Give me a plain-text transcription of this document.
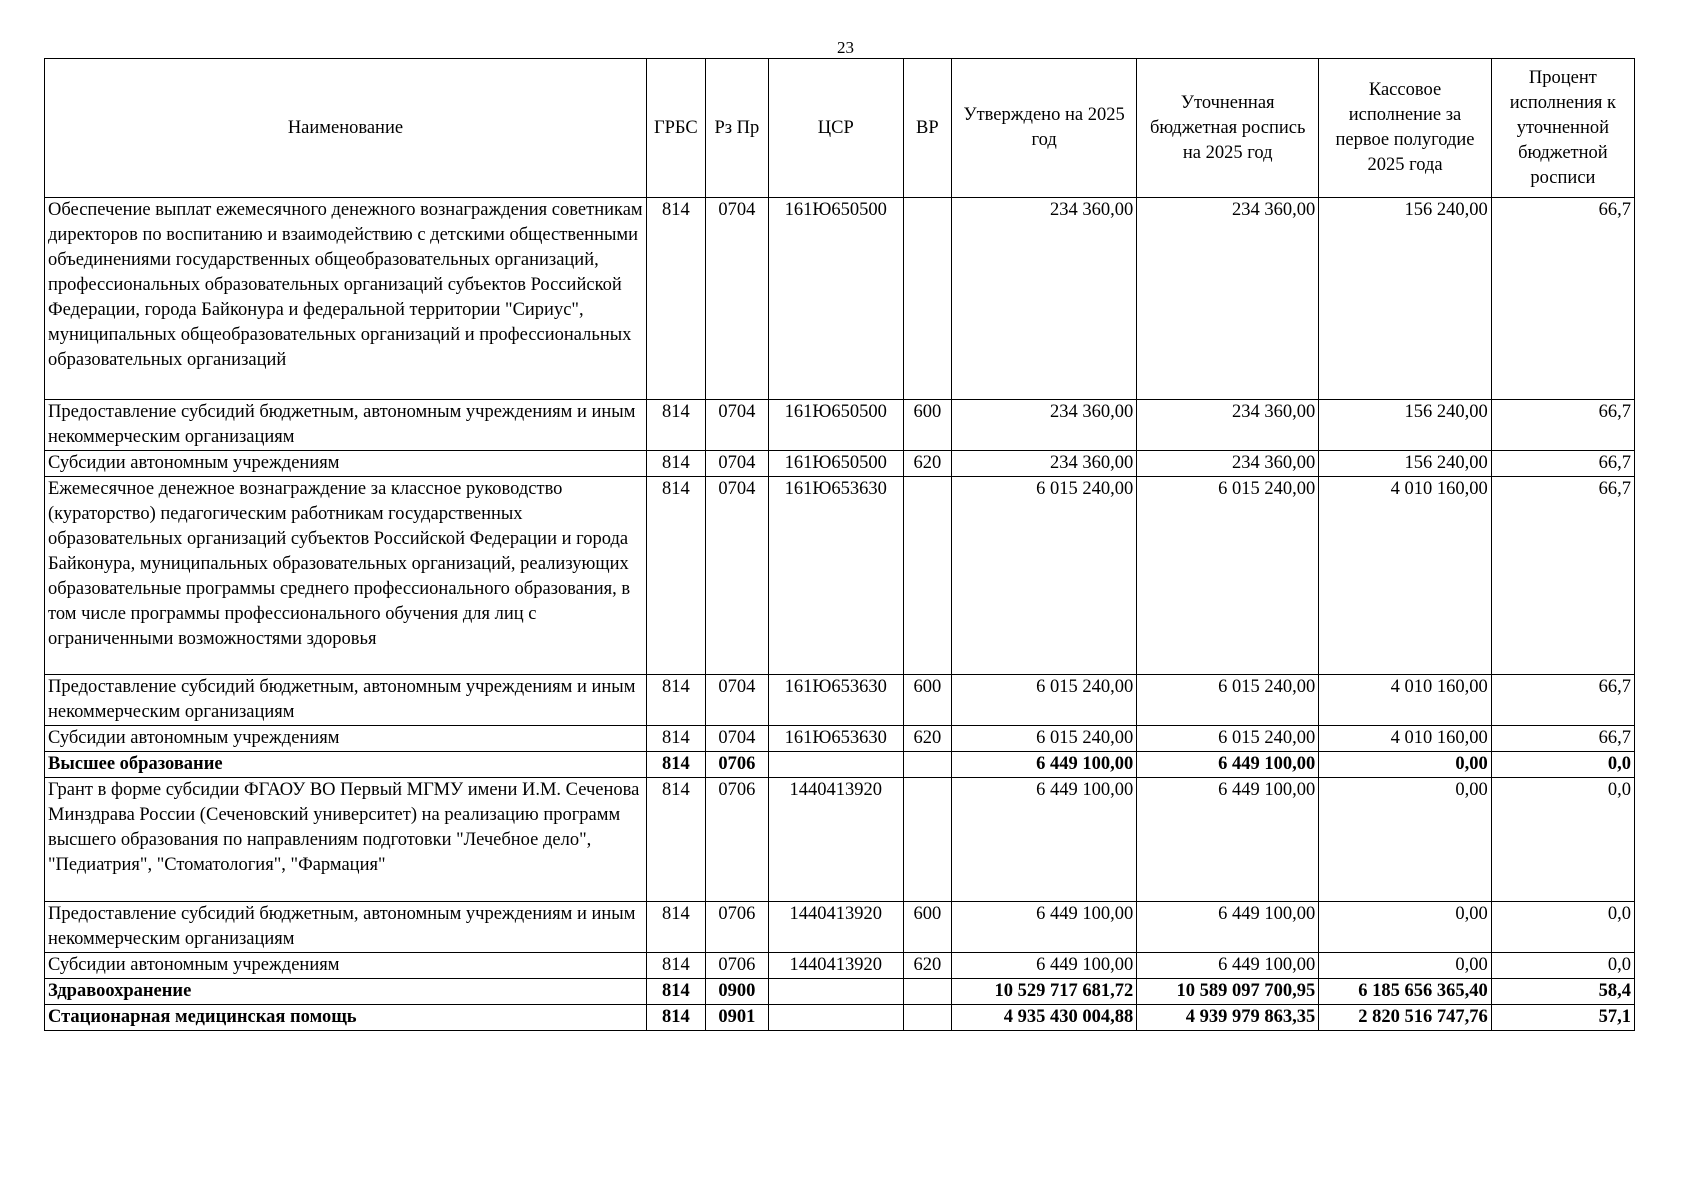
23
Наименование	ГРБС	Рз Пр	ЦСР	ВР	Утверждено на 2025 год	Уточненная бюджетная роспись на 2025 год	Кассовое исполнение за первое полугодие 2025 года	Процент исполнения к уточненной бюджетной росписи
Обеспечение выплат ежемесячного денежного вознаграждения советникам директоров по воспитанию и взаимодействию с детскими общественными объединениями государственных общеобразовательных организаций, профессиональных образовательных организаций субъектов Российской Федерации, города Байконура и федеральной территории "Сириус", муниципальных общеобразовательных организаций и профессиональных образовательных организаций	814	0704	161Ю650500		234 360,00	234 360,00	156 240,00	66,7
Предоставление субсидий бюджетным, автономным учреждениям и иным некоммерческим организациям	814	0704	161Ю650500	600	234 360,00	234 360,00	156 240,00	66,7
Субсидии автономным учреждениям	814	0704	161Ю650500	620	234 360,00	234 360,00	156 240,00	66,7
Ежемесячное денежное вознаграждение за классное руководство (кураторство) педагогическим работникам государственных образовательных организаций субъектов Российской Федерации и города Байконура, муниципальных образовательных организаций, реализующих образовательные программы среднего профессионального образования, в том числе программы профессионального обучения для лиц с ограниченными возможностями здоровья	814	0704	161Ю653630		6 015 240,00	6 015 240,00	4 010 160,00	66,7
Предоставление субсидий бюджетным, автономным учреждениям и иным некоммерческим организациям	814	0704	161Ю653630	600	6 015 240,00	6 015 240,00	4 010 160,00	66,7
Субсидии автономным учреждениям	814	0704	161Ю653630	620	6 015 240,00	6 015 240,00	4 010 160,00	66,7
Высшее образование	814	0706			6 449 100,00	6 449 100,00	0,00	0,0
Грант в форме субсидии ФГАОУ ВО Первый МГМУ имени И.М. Сеченова Минздрава России (Сеченовский университет) на реализацию программ высшего образования по направлениям подготовки "Лечебное дело", "Педиатрия", "Стоматология", "Фармация"	814	0706	1440413920		6 449 100,00	6 449 100,00	0,00	0,0
Предоставление субсидий бюджетным, автономным учреждениям и иным некоммерческим организациям	814	0706	1440413920	600	6 449 100,00	6 449 100,00	0,00	0,0
Субсидии автономным учреждениям	814	0706	1440413920	620	6 449 100,00	6 449 100,00	0,00	0,0
Здравоохранение	814	0900			10 529 717 681,72	10 589 097 700,95	6 185 656 365,40	58,4
Стационарная медицинская помощь	814	0901			4 935 430 004,88	4 939 979 863,35	2 820 516 747,76	57,1
